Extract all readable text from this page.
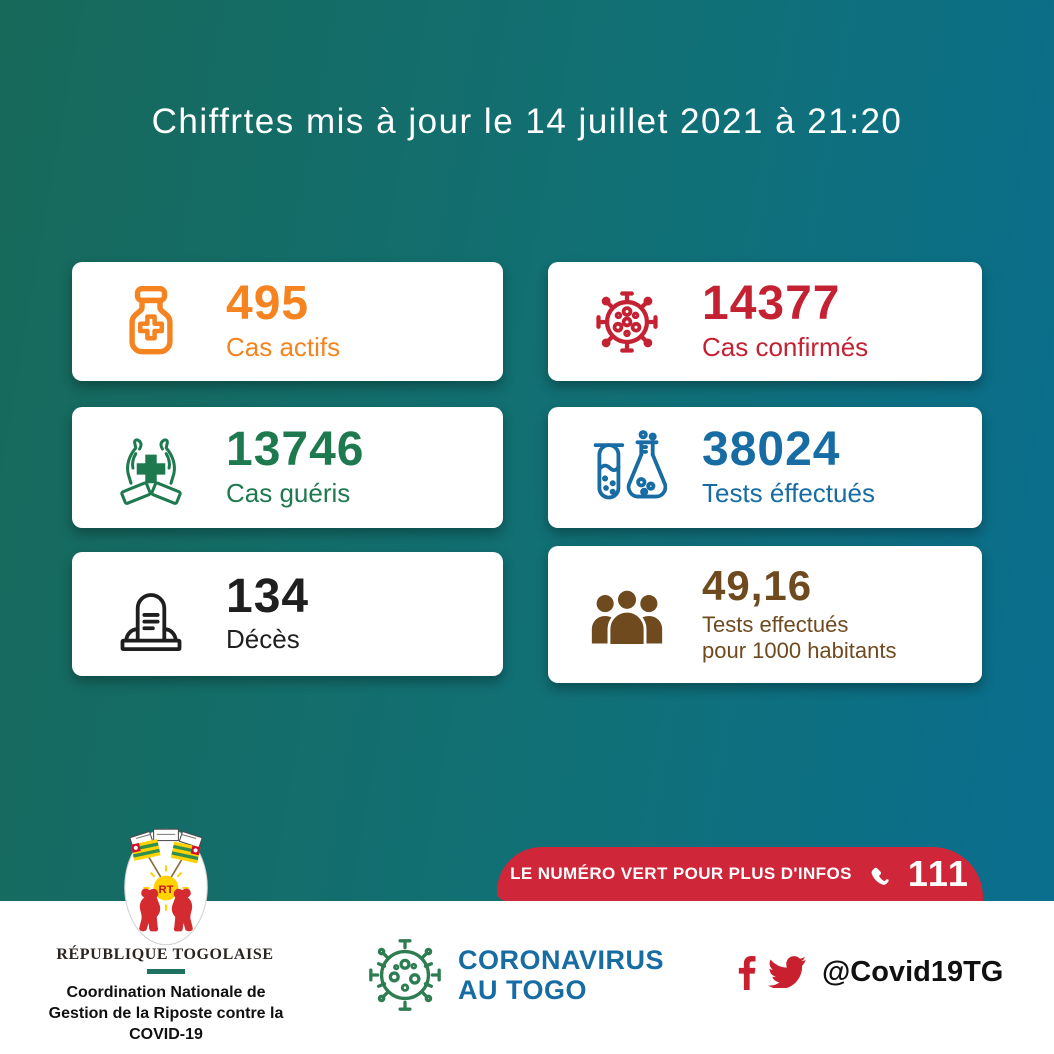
Chiffrtes mis à jour le 14 juillet 2021 à 21:20
495
Cas actifs
14377
Cas confirmés
13746
Cas guéris
38024
Tests éffectués
134
Décès
49,16
Tests effectués
pour 1000 habitants
LE NUMÉRO VERT POUR PLUS D'INFOS 111
RT
RÉPUBLIQUE TOGOLAISE
Coordination Nationale de
Gestion de la Riposte contre la
COVID-19
CORONAVIRUS
AU TOGO
@Covid19TG
